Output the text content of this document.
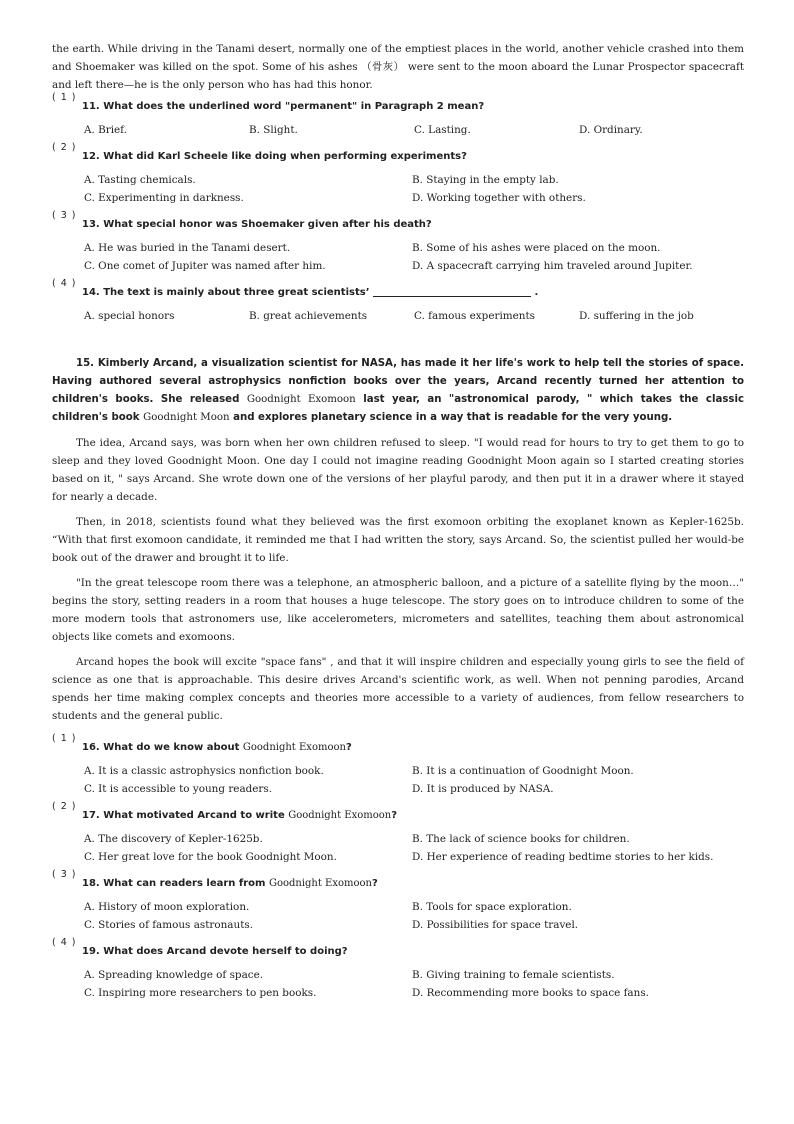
the earth. While driving in the Tanami desert, normally one of the emptiest places in the world, another vehicle crashed into them and Shoemaker was killed on the spot. Some of his ashes （骨灰） were sent to the moon aboard the Lunar Prospector spacecraft and left there—he is the only person who has had this honor.

( 1 )
11. What does the underlined word "permanent" in Paragraph 2 mean?
A. Brief.	B. Slight.	C. Lasting.	D. Ordinary.
( 2 )
12. What did Karl Scheele like doing when performing experiments?
A. Tasting chemicals.	B. Staying in the empty lab.
C. Experimenting in darkness.	D. Working together with others.
( 3 )
13. What special honor was Shoemaker given after his death?
A. He was buried in the Tanami desert.	B. Some of his ashes were placed on the moon.
C. One comet of Jupiter was named after him.	D. A spacecraft carrying him traveled around Jupiter.
( 4 )
14. The text is mainly about three great scientists’	.
A. special honors	B. great achievements	C. famous experiments	D. suffering in the job

15. Kimberly Arcand, a visualization scientist for NASA, has made it her life's work to help tell the stories of space. Having authored several astrophysics nonfiction books over the years, Arcand recently turned her attention to children's books. She released Goodnight Exomoon last year, an "astronomical parody, " which takes the classic children's book Goodnight Moon and explores planetary science in a way that is readable for the very young.

The idea, Arcand says, was born when her own children refused to sleep. "I would read for hours to try to get them to go to sleep and they loved Goodnight Moon. One day I could not imagine reading Goodnight Moon again so I started creating stories based on it, " says Arcand. She wrote down one of the versions of her playful parody, and then put it in a drawer where it stayed for nearly a decade.

Then, in 2018, scientists found what they believed was the first exomoon orbiting the exoplanet known as Kepler-1625b. “With that first exomoon candidate, it reminded me that I had written the story, says Arcand. So, the scientist pulled her would-be book out of the drawer and brought it to life.

"In the great telescope room there was a telephone, an atmospheric balloon, and a picture of a satellite flying by the moon…" begins the story, setting readers in a room that houses a huge telescope. The story goes on to introduce children to some of the more modern tools that astronomers use, like accelerometers, micrometers and satellites, teaching them about astronomical objects like comets and exomoons.

Arcand hopes the book will excite "space fans" , and that it will inspire children and especially young girls to see the field of science as one that is approachable. This desire drives Arcand's scientific work, as well. When not penning parodies, Arcand spends her time making complex concepts and theories more accessible to a variety of audiences, from fellow researchers to students and the general public.

( 1 )
16. What do we know about Goodnight Exomoon?
A. It is a classic astrophysics nonfiction book.	B. It is a continuation of Goodnight Moon.
C. It is accessible to young readers.	D. It is produced by NASA.
( 2 )
17. What motivated Arcand to write Goodnight Exomoon?
A. The discovery of Kepler-1625b.	B. The lack of science books for children.
C. Her great love for the book Goodnight Moon.	D. Her experience of reading bedtime stories to her kids.
( 3 )
18. What can readers learn from Goodnight Exomoon?
A. History of moon exploration.	B. Tools for space exploration.
C. Stories of famous astronauts.	D. Possibilities for space travel.
( 4 )
19. What does Arcand devote herself to doing?
A. Spreading knowledge of space.	B. Giving training to female scientists.
C. Inspiring more researchers to pen books.	D. Recommending more books to space fans.
